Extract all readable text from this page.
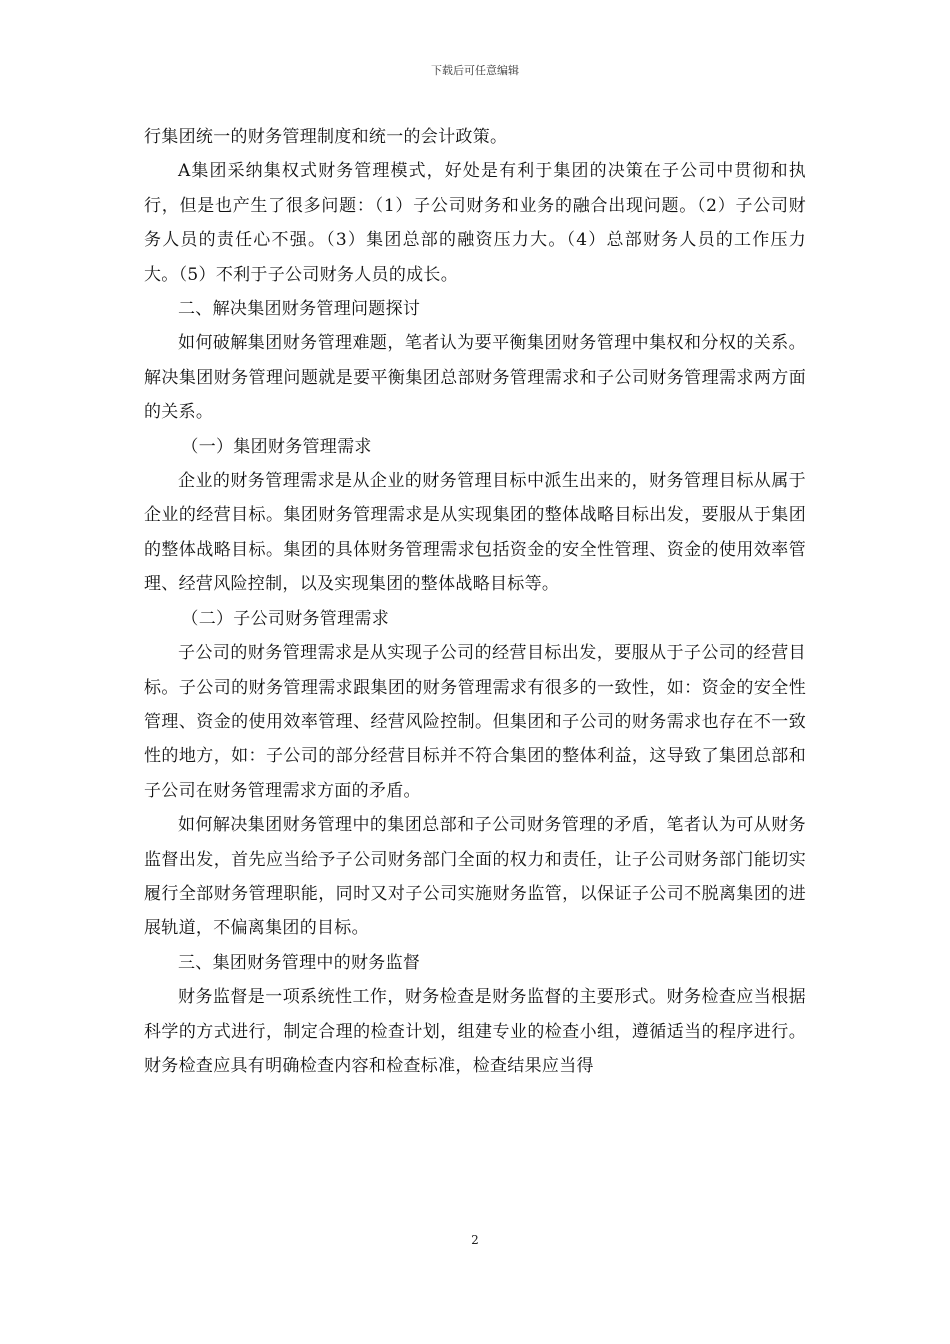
下载后可任意编辑

行集团统一的财务管理制度和统一的会计政策。

A集团采纳集权式财务管理模式，好处是有利于集团的决策在子公司中贯彻和执行，但是也产生了很多问题：（1）子公司财务和业务的融合出现问题。（2）子公司财务人员的责任心不强。（3）集团总部的融资压力大。（4）总部财务人员的工作压力大。（5）不利于子公司财务人员的成长。

二、解决集团财务管理问题探讨

如何破解集团财务管理难题，笔者认为要平衡集团财务管理中集权和分权的关系。解决集团财务管理问题就是要平衡集团总部财务管理需求和子公司财务管理需求两方面的关系。

（一）集团财务管理需求

企业的财务管理需求是从企业的财务管理目标中派生出来的，财务管理目标从属于企业的经营目标。集团财务管理需求是从实现集团的整体战略目标出发，要服从于集团的整体战略目标。集团的具体财务管理需求包括资金的安全性管理、资金的使用效率管理、经营风险控制，以及实现集团的整体战略目标等。

（二）子公司财务管理需求

子公司的财务管理需求是从实现子公司的经营目标出发，要服从于子公司的经营目标。子公司的财务管理需求跟集团的财务管理需求有很多的一致性，如：资金的安全性管理、资金的使用效率管理、经营风险控制。但集团和子公司的财务需求也存在不一致性的地方，如：子公司的部分经营目标并不符合集团的整体利益，这导致了集团总部和子公司在财务管理需求方面的矛盾。

如何解决集团财务管理中的集团总部和子公司财务管理的矛盾，笔者认为可从财务监督出发，首先应当给予子公司财务部门全面的权力和责任，让子公司财务部门能切实履行全部财务管理职能，同时又对子公司实施财务监管，以保证子公司不脱离集团的进展轨道，不偏离集团的目标。

三、集团财务管理中的财务监督

财务监督是一项系统性工作，财务检查是财务监督的主要形式。财务检查应当根据科学的方式进行，制定合理的检查计划，组建专业的检查小组，遵循适当的程序进行。财务检查应具有明确检查内容和检查标准，检查结果应当得

2
